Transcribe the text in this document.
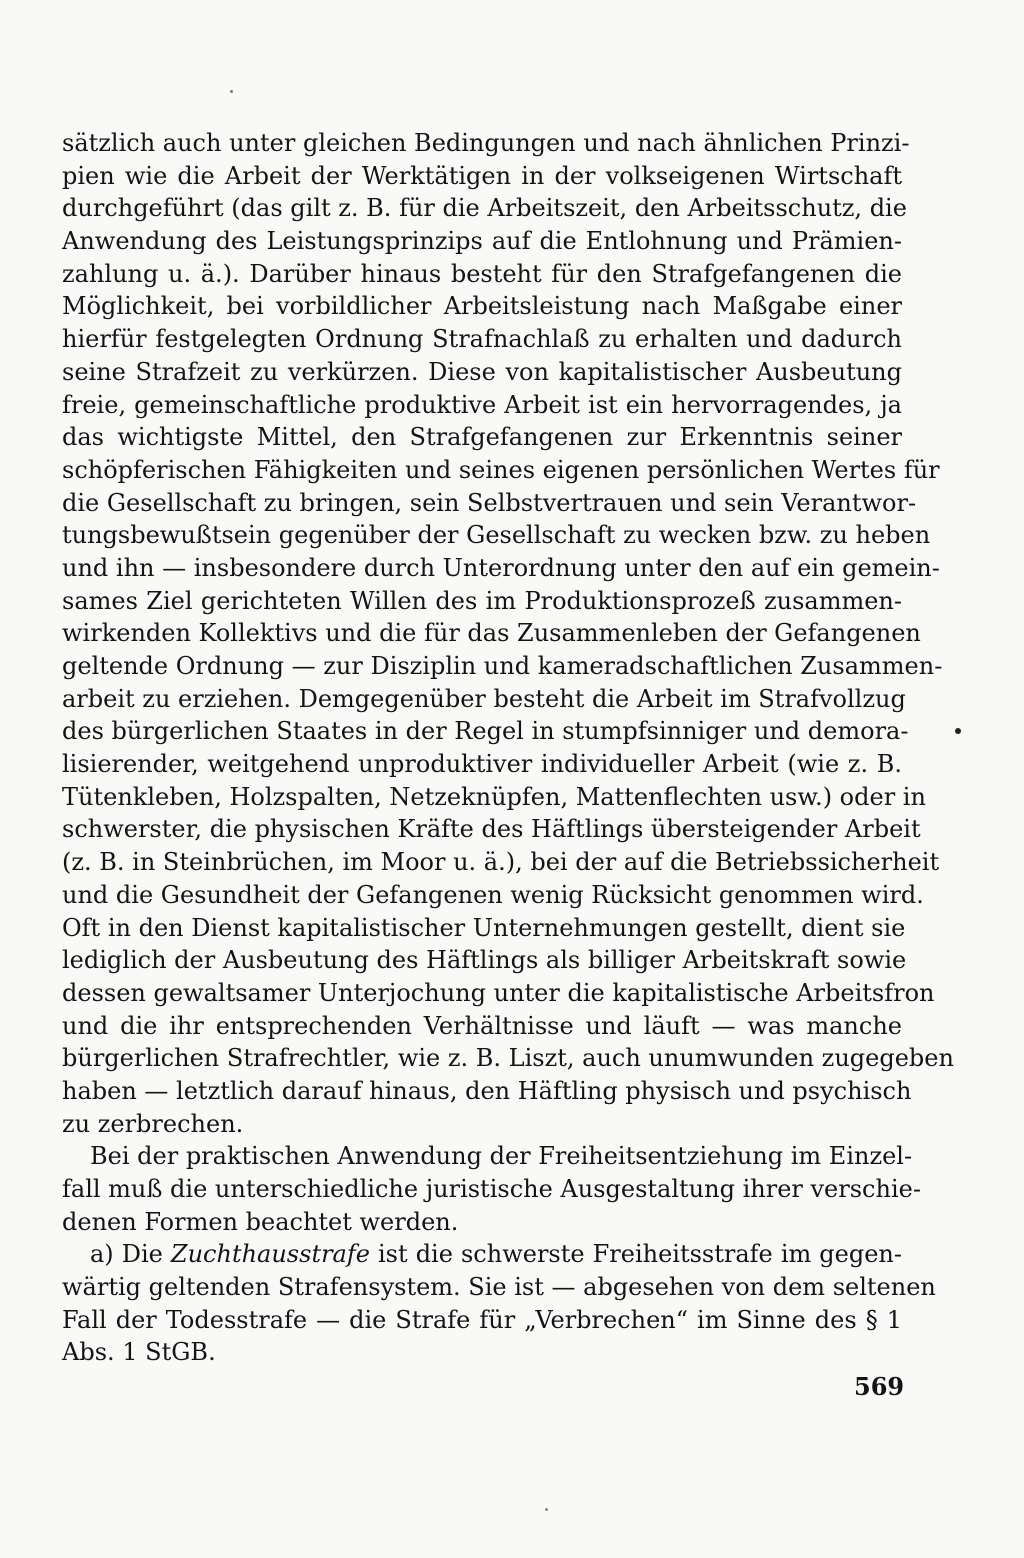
sätzlich auch unter gleichen Bedingungen und nach ähnlichen Prinzi-
pien wie die Arbeit der Werktätigen in der volkseigenen Wirtschaft
durchgeführt (das gilt z. B. für die Arbeitszeit, den Arbeitsschutz, die
Anwendung des Leistungsprinzips auf die Entlohnung und Prämien-
zahlung u. ä.). Darüber hinaus besteht für den Strafgefangenen die
Möglichkeit, bei vorbildlicher Arbeitsleistung nach Maßgabe einer
hierfür festgelegten Ordnung Strafnachlaß zu erhalten und dadurch
seine Strafzeit zu verkürzen. Diese von kapitalistischer Ausbeutung
freie, gemeinschaftliche produktive Arbeit ist ein hervorragendes, ja
das wichtigste Mittel, den Strafgefangenen zur Erkenntnis seiner
schöpferischen Fähigkeiten und seines eigenen persönlichen Wertes für
die Gesellschaft zu bringen, sein Selbstvertrauen und sein Verantwor-
tungsbewußtsein gegenüber der Gesellschaft zu wecken bzw. zu heben
und ihn — insbesondere durch Unterordnung unter den auf ein gemein-
sames Ziel gerichteten Willen des im Produktionsprozeß zusammen-
wirkenden Kollektivs und die für das Zusammenleben der Gefangenen
geltende Ordnung — zur Disziplin und kameradschaftlichen Zusammen-
arbeit zu erziehen. Demgegenüber besteht die Arbeit im Strafvollzug
des bürgerlichen Staates in der Regel in stumpfsinniger und demora-
lisierender, weitgehend unproduktiver individueller Arbeit (wie z. B.
Tütenkleben, Holzspalten, Netzeknüpfen, Mattenflechten usw.) oder in
schwerster, die physischen Kräfte des Häftlings übersteigender Arbeit
(z. B. in Steinbrüchen, im Moor u. ä.), bei der auf die Betriebssicherheit
und die Gesundheit der Gefangenen wenig Rücksicht genommen wird.
Oft in den Dienst kapitalistischer Unternehmungen gestellt, dient sie
lediglich der Ausbeutung des Häftlings als billiger Arbeitskraft sowie
dessen gewaltsamer Unterjochung unter die kapitalistische Arbeitsfron
und die ihr entsprechenden Verhältnisse und läuft — was manche
bürgerlichen Strafrechtler, wie z. B. Liszt, auch unumwunden zugegeben
haben — letztlich darauf hinaus, den Häftling physisch und psychisch
zu zerbrechen.
Bei der praktischen Anwendung der Freiheitsentziehung im Einzel-
fall muß die unterschiedliche juristische Ausgestaltung ihrer verschie-
denen Formen beachtet werden.
a) Die Zuchthausstrafe ist die schwerste Freiheitsstrafe im gegen-
wärtig geltenden Strafensystem. Sie ist — abgesehen von dem seltenen
Fall der Todesstrafe — die Strafe für „Verbrechen“ im Sinne des § 1
Abs. 1 StGB.
569
